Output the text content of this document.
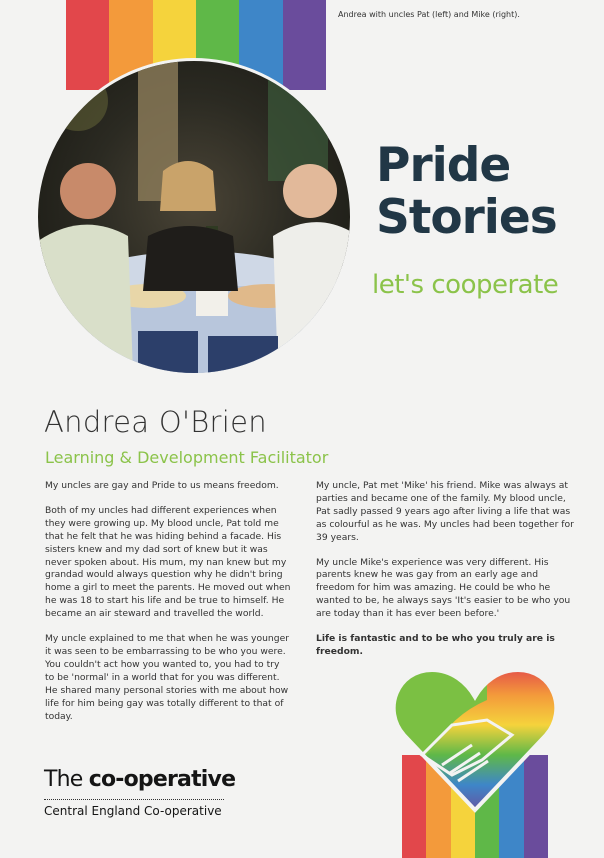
Andrea with uncles Pat (left) and Mike (right).
Pride
Stories
let's cooperate
Andrea O'Brien
Learning & Development Facilitator

My uncles are gay and Pride to us means freedom.

Both of my uncles had different experiences when they were growing up. My blood uncle, Pat told me that he felt that he was hiding behind a facade. His sisters knew and my dad sort of knew but it was never spoken about. His mum, my nan knew but my grandad would always question why he didn't bring home a girl to meet the parents. He moved out when he was 18 to start his life and be true to himself. He became an air steward and travelled the world.

My uncle explained to me that when he was younger it was seen to be embarrassing to be who you were. You couldn't act how you wanted to, you had to try to be 'normal' in a world that for you was different. He shared many personal stories with me about how life for him being gay was totally different to that of today.

My uncle, Pat met 'Mike' his friend. Mike was always at parties and became one of the family. My blood uncle, Pat sadly passed 9 years ago after living a life that was as colourful as he was. My uncles had been together for 39 years.

My uncle Mike's experience was very different. His parents knew he was gay from an early age and freedom for him was amazing. He could be who he wanted to be, he always says 'It's easier to be who you are today than it has ever been before.'

Life is fantastic and to be who you truly are is freedom.

The co-operative
Central England Co-operative
